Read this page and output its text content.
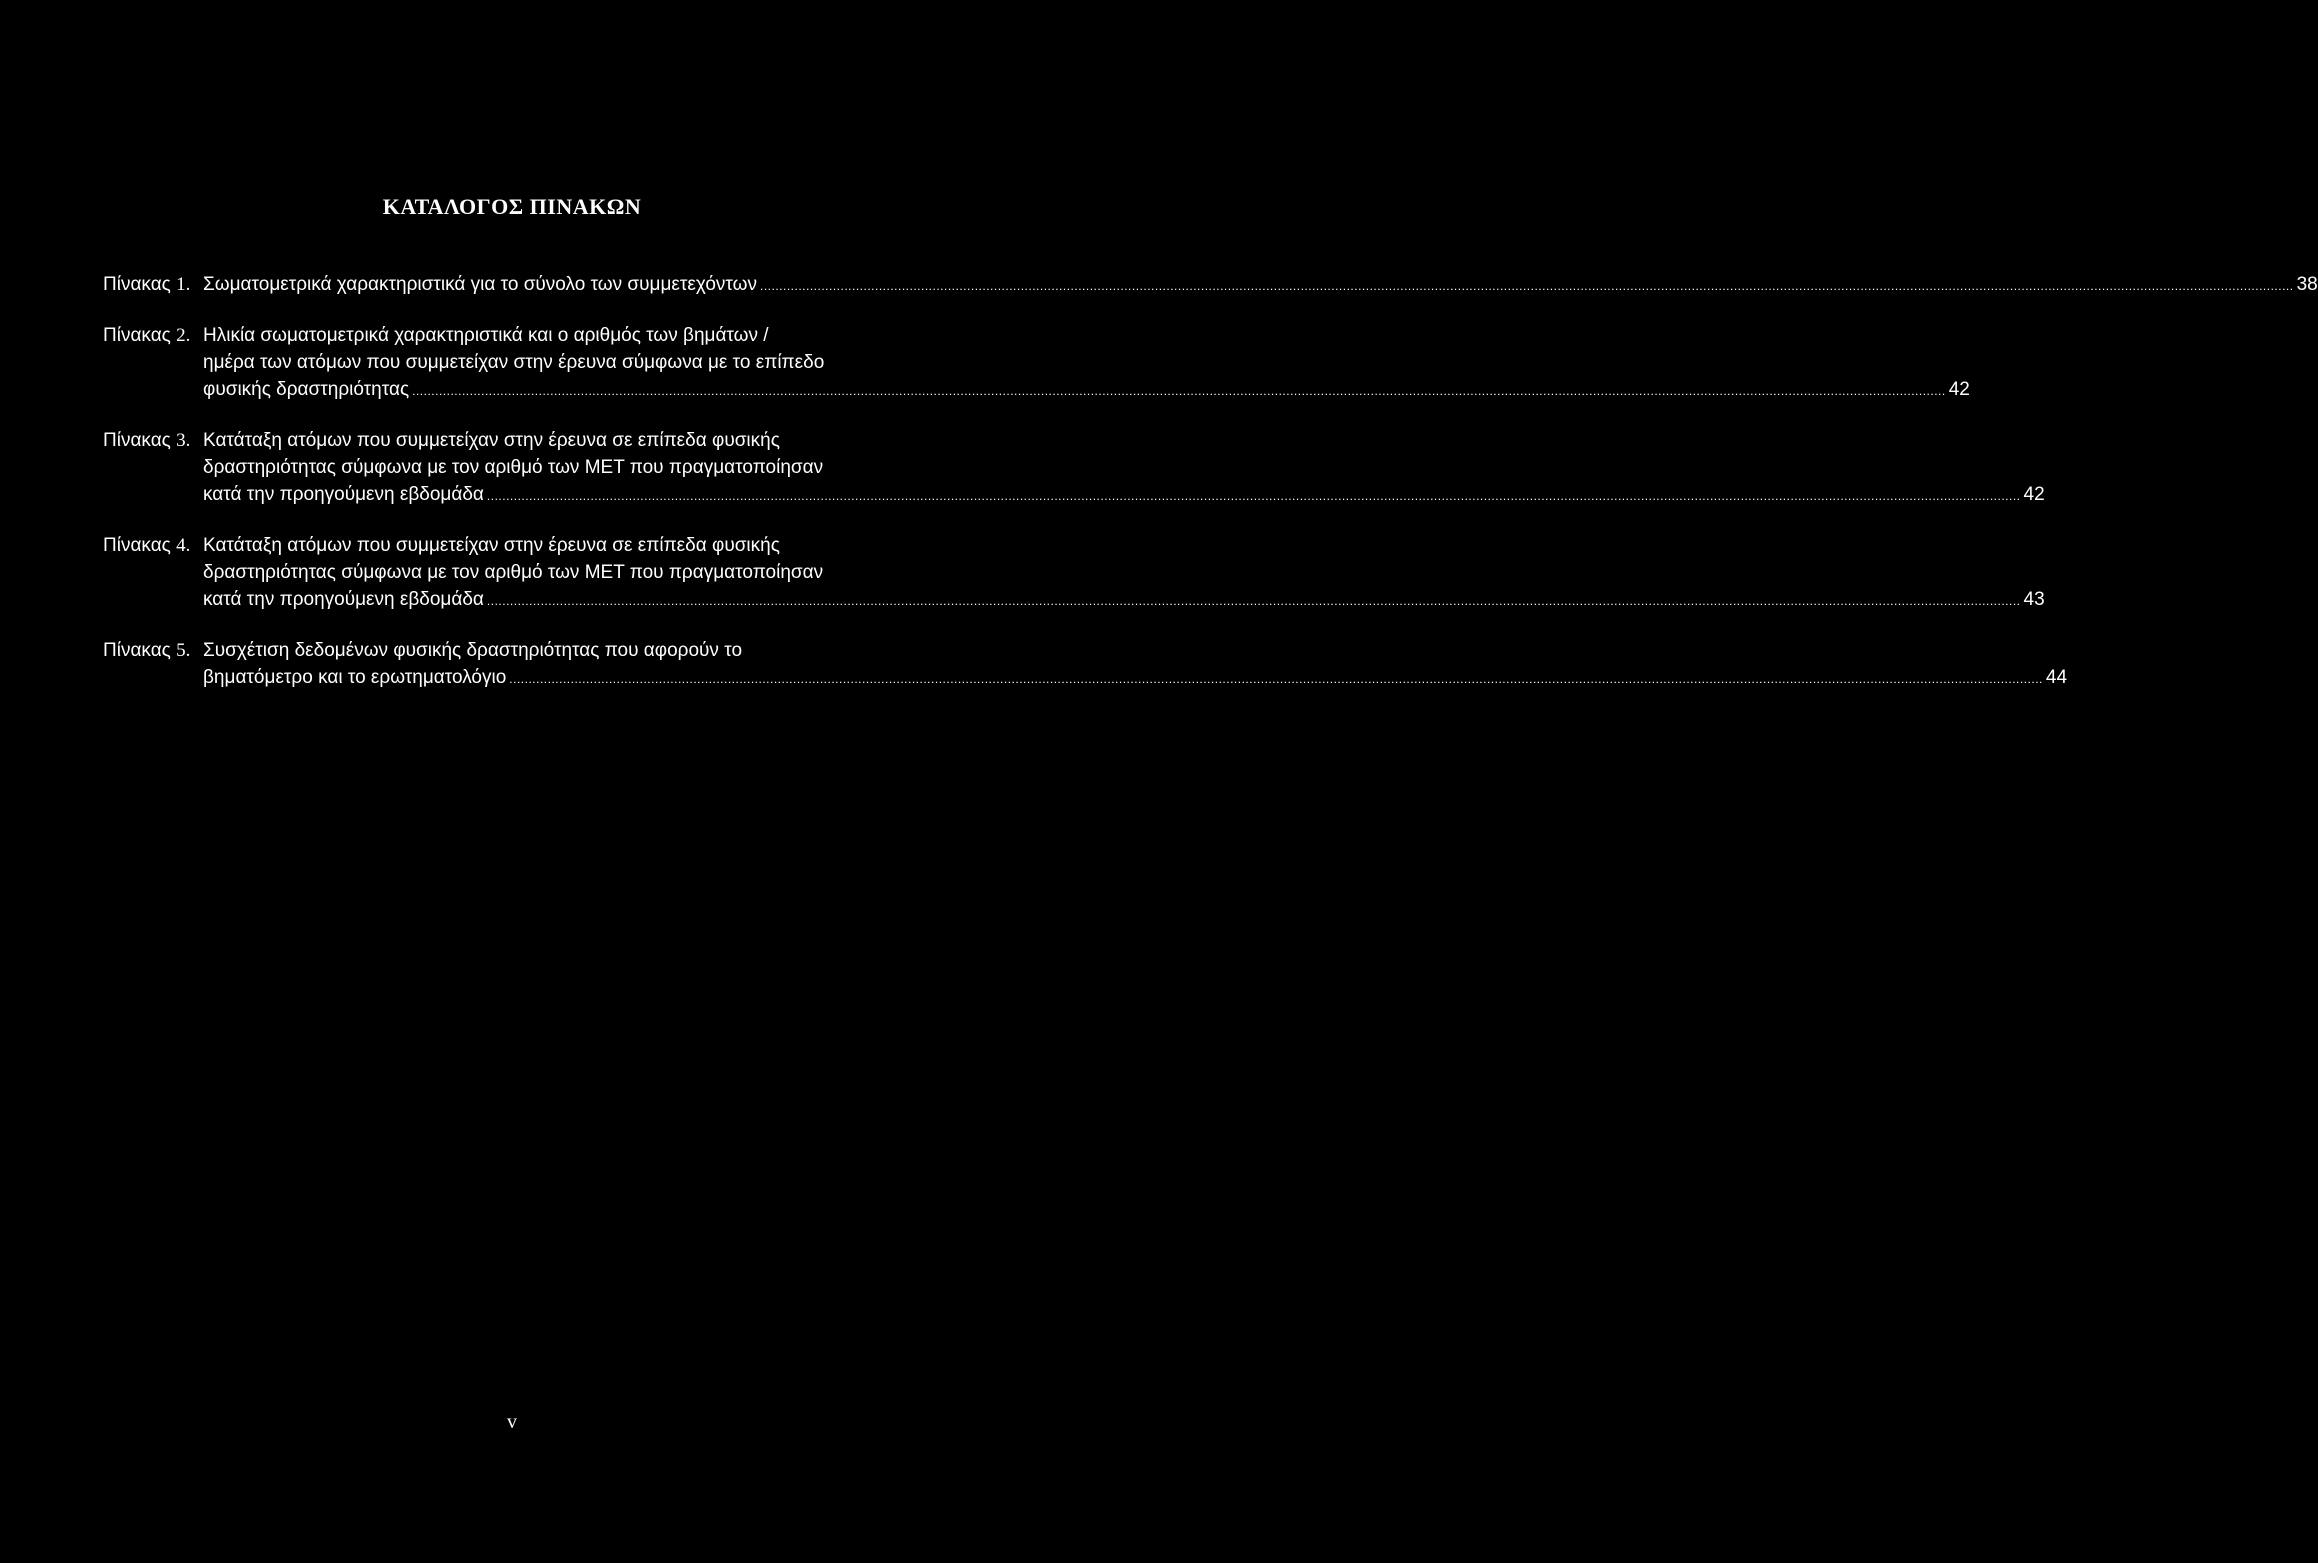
ΚΑΤΑΛΟΓΟΣ ΠΙΝΑΚΩΝ
Πίνακας 1. Σωματομετρικά χαρακτηριστικά για το σύνολο των συμμετεχόντων ................................................................................................................................................................................................................................................................................................................................................................................................................ 38
Πίνακας 2. Ηλικία σωματομετρικά χαρακτηριστικά και ο αριθμός των βημάτων /
ημέρα των ατόμων που συμμετείχαν στην έρευνα σύμφωνα με το επίπεδο
φυσικής δραστηριότητας ................................................................................................................................................................................................................................................................................................................................................................................................................ 42
Πίνακας 3. Κατάταξη ατόμων που συμμετείχαν στην έρευνα σε επίπεδα φυσικής
δραστηριότητας σύμφωνα με τον αριθμό των MET που πραγματοποίησαν
κατά την προηγούμενη εβδομάδα ................................................................................................................................................................................................................................................................................................................................................................................................................ 42
Πίνακας 4. Κατάταξη ατόμων που συμμετείχαν στην έρευνα σε επίπεδα φυσικής
δραστηριότητας σύμφωνα με τον αριθμό των MET που πραγματοποίησαν
κατά την προηγούμενη εβδομάδα ................................................................................................................................................................................................................................................................................................................................................................................................................ 43
Πίνακας 5. Συσχέτιση δεδομένων φυσικής δραστηριότητας που αφορούν το
βηματόμετρο και το ερωτηματολόγιο ................................................................................................................................................................................................................................................................................................................................................................................................................ 44
v
